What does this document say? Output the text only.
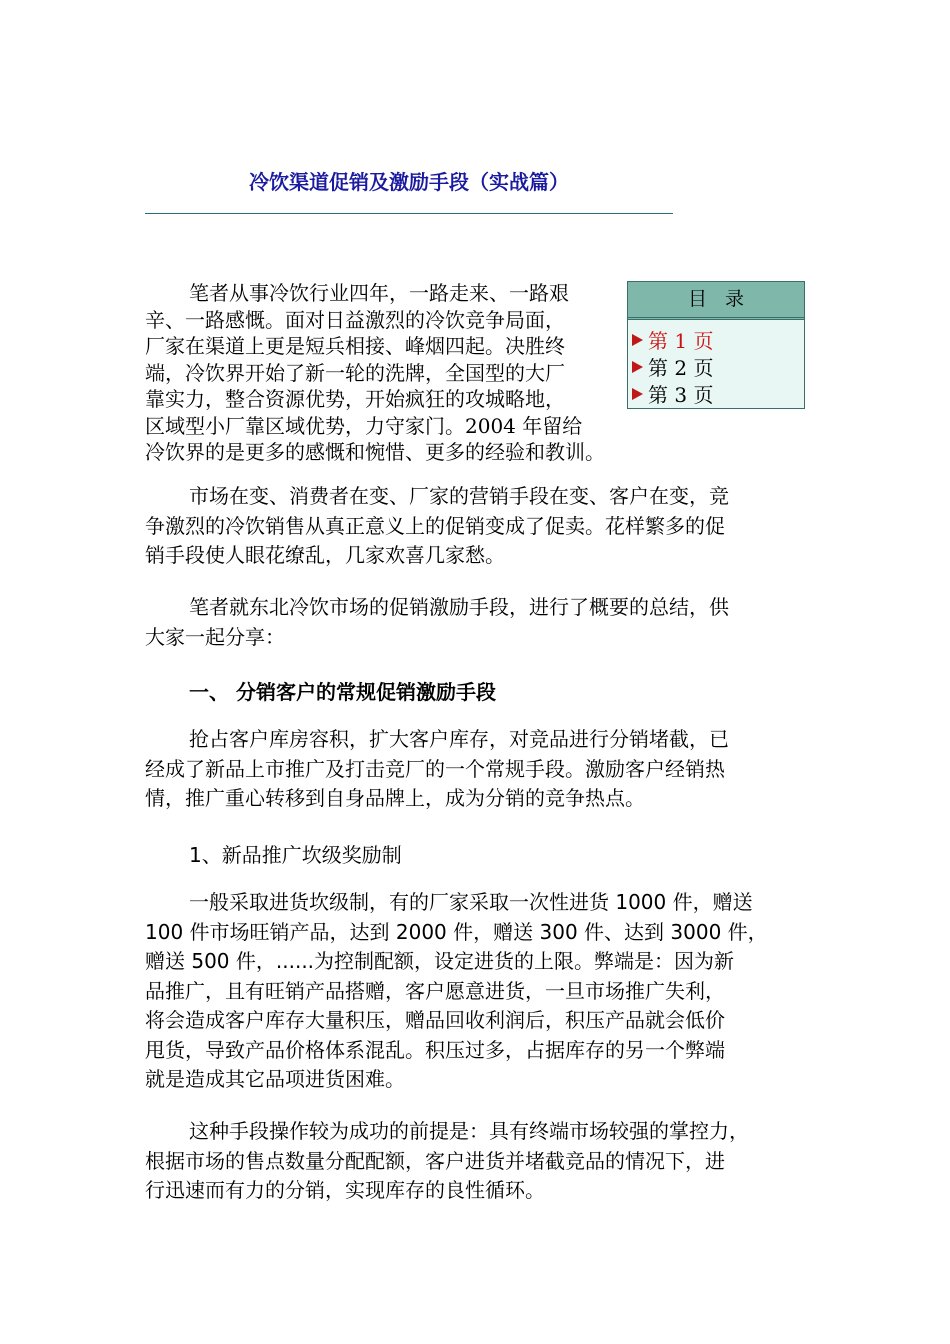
冷饮渠道促销及激励手段（实战篇）

笔者从事冷饮行业四年，一路走来、一路艰
辛、一路感慨。面对日益激烈的冷饮竞争局面，
厂家在渠道上更是短兵相接、峰烟四起。决胜终
端，冷饮界开始了新一轮的洗牌，全国型的大厂
靠实力，整合资源优势，开始疯狂的攻城略地，
区域型小厂靠区域优势，力守家门。2004 年留给
冷饮界的是更多的感慨和惋惜、更多的经验和教训。

目录
第 1 页
第 2 页
第 3 页

市场在变、消费者在变、厂家的营销手段在变、客户在变，竞
争激烈的冷饮销售从真正意义上的促销变成了促卖。花样繁多的促
销手段使人眼花缭乱，几家欢喜几家愁。

笔者就东北冷饮市场的促销激励手段，进行了概要的总结，供
大家一起分享：

一、 分销客户的常规促销激励手段

抢占客户库房容积，扩大客户库存，对竞品进行分销堵截，已
经成了新品上市推广及打击竞厂的一个常规手段。激励客户经销热
情，推广重心转移到自身品牌上，成为分销的竞争热点。

1、新品推广坎级奖励制

一般采取进货坎级制，有的厂家采取一次性进货 1000 件，赠送
100 件市场旺销产品，达到 2000 件，赠送 300 件、达到 3000 件，
赠送 500 件，......为控制配额，设定进货的上限。弊端是：因为新
品推广，且有旺销产品搭赠，客户愿意进货，一旦市场推广失利，
将会造成客户库存大量积压，赠品回收利润后，积压产品就会低价
甩货，导致产品价格体系混乱。积压过多，占据库存的另一个弊端
就是造成其它品项进货困难。

这种手段操作较为成功的前提是：具有终端市场较强的掌控力，
根据市场的售点数量分配配额，客户进货并堵截竞品的情况下，进
行迅速而有力的分销，实现库存的良性循环。
